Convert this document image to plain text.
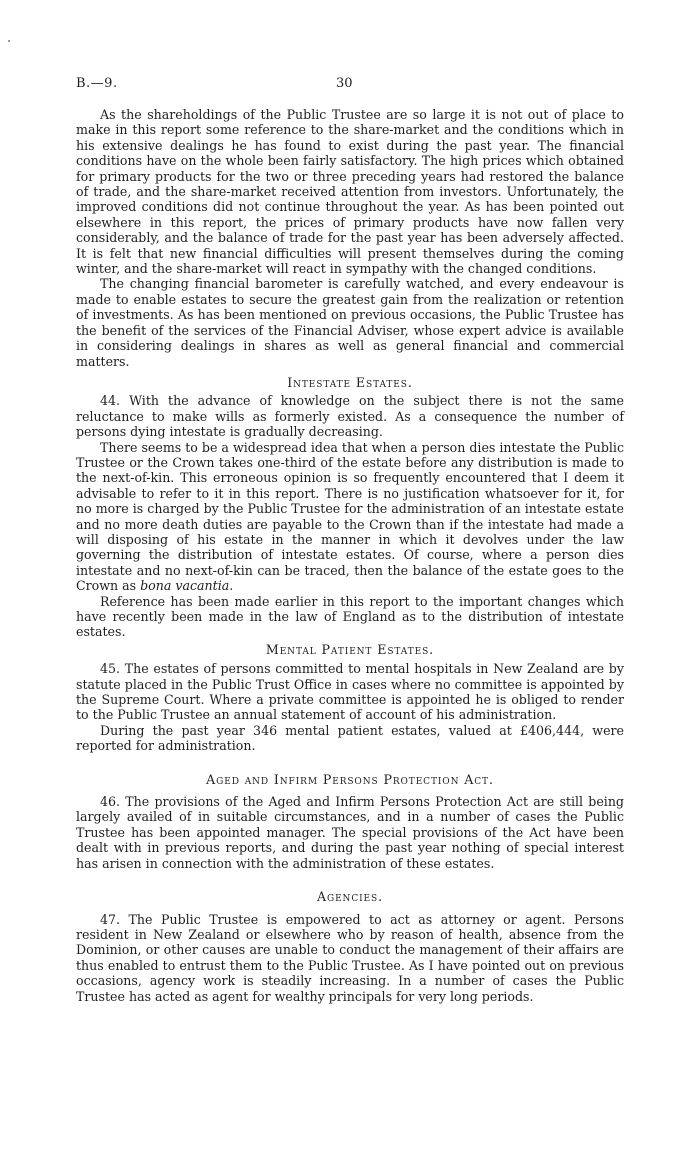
B.—9.	30

As the shareholdings of the Public Trustee are so large it is not out of place to make in this report some reference to the share-market and the conditions which in his extensive dealings he has found to exist during the past year. The financial conditions have on the whole been fairly satisfactory. The high prices which obtained for primary products for the two or three preceding years had restored the balance of trade, and the share-market received attention from investors. Unfortunately, the improved conditions did not continue throughout the year. As has been pointed out elsewhere in this report, the prices of primary products have now fallen very considerably, and the balance of trade for the past year has been adversely affected. It is felt that new financial difficulties will present themselves during the coming winter, and the share-market will react in sympathy with the changed conditions.

The changing financial barometer is carefully watched, and every endeavour is made to enable estates to secure the greatest gain from the realization or retention of investments. As has been mentioned on previous occasions, the Public Trustee has the benefit of the services of the Financial Adviser, whose expert advice is available in considering dealings in shares as well as general financial and commercial matters.

Intestate Estates.

44. With the advance of knowledge on the subject there is not the same reluctance to make wills as formerly existed. As a consequence the number of persons dying intestate is gradually decreasing.

There seems to be a widespread idea that when a person dies intestate the Public Trustee or the Crown takes one-third of the estate before any distribution is made to the next-of-kin. This erroneous opinion is so frequently encountered that I deem it advisable to refer to it in this report. There is no justification whatsoever for it, for no more is charged by the Public Trustee for the administration of an intestate estate and no more death duties are payable to the Crown than if the intestate had made a will disposing of his estate in the manner in which it devolves under the law governing the distribution of intestate estates. Of course, where a person dies intestate and no next-of-kin can be traced, then the balance of the estate goes to the Crown as bona vacantia.

Reference has been made earlier in this report to the important changes which have recently been made in the law of England as to the distribution of intestate estates.

Mental Patient Estates.

45. The estates of persons committed to mental hospitals in New Zealand are by statute placed in the Public Trust Office in cases where no committee is appointed by the Supreme Court. Where a private committee is appointed he is obliged to render to the Public Trustee an annual statement of account of his administration.

During the past year 346 mental patient estates, valued at £406,444, were reported for administration.

Aged and Infirm Persons Protection Act.

46. The provisions of the Aged and Infirm Persons Protection Act are still being largely availed of in suitable circumstances, and in a number of cases the Public Trustee has been appointed manager. The special provisions of the Act have been dealt with in previous reports, and during the past year nothing of special interest has arisen in connection with the administration of these estates.

Agencies.

47. The Public Trustee is empowered to act as attorney or agent. Persons resident in New Zealand or elsewhere who by reason of health, absence from the Dominion, or other causes are unable to conduct the management of their affairs are thus enabled to entrust them to the Public Trustee. As I have pointed out on previous occasions, agency work is steadily increasing. In a number of cases the Public Trustee has acted as agent for wealthy principals for very long periods.
